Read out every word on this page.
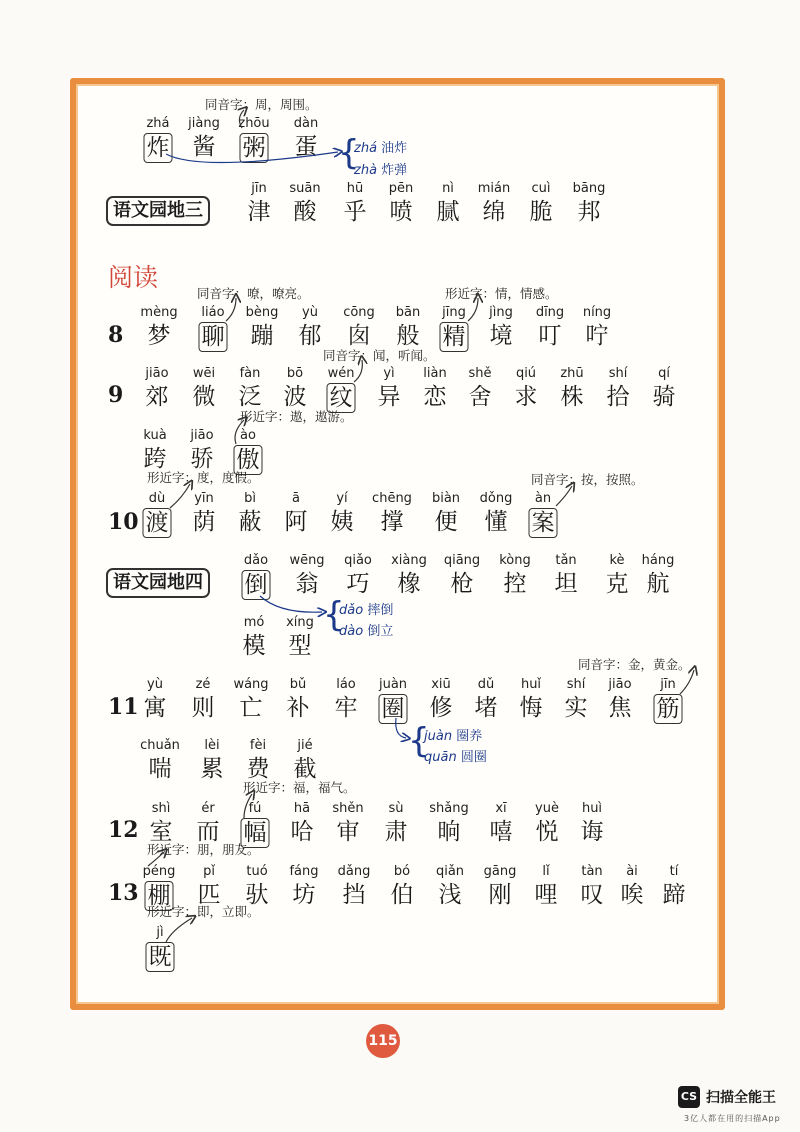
zhá
炸
jiàng
酱
zhōu
粥
dàn
蛋
jīn
津
suān
酸
hū
乎
pēn
喷
nì
腻
mián
绵
cuì
脆
bāng
邦
mèng
梦
liáo
聊
bèng
蹦
yù
郁
cōng
囱
bān
般
jīng
精
jìng
境
dīng
叮
níng
咛
jiāo
郊
wēi
微
fàn
泛
bō
波
wén
纹
yì
异
liàn
恋
shě
舍
qiú
求
zhū
株
shí
拾
qí
骑
kuà
跨
jiāo
骄
ào
傲
dù
渡
yīn
荫
bì
蔽
ā
阿
yí
姨
chēng
撑
biàn
便
dǒng
懂
àn
案
dǎo
倒
wēng
翁
qiǎo
巧
xiàng
橡
qiāng
枪
kòng
控
tǎn
坦
kè
克
háng
航
mó
模
xíng
型
yù
寓
zé
则
wáng
亡
bǔ
补
láo
牢
juàn
圈
xiū
修
dǔ
堵
huǐ
悔
shí
实
jiāo
焦
jīn
筋
chuǎn
喘
lèi
累
fèi
费
jié
截
shì
室
ér
而
fú
幅
hā
哈
shěn
审
sù
肃
shǎng
晌
xī
嘻
yuè
悦
huì
诲
péng
棚
pǐ
匹
tuó
驮
fáng
坊
dǎng
挡
bó
伯
qiǎn
浅
gāng
刚
lǐ
哩
tàn
叹
ài
唉
tí
蹄
jì
既
语文园地三
语文园地四
8
9
10
11
12
13
阅读
同音字：周，周围。
同音字：嘹，嘹亮。	形近字：情，情感。
同音字：闻，听闻。
形近字：遨，遨游。
形近字：度，度假。	同音字：按，按照。
同音字：金，黄金。
形近字：福，福气。
形近字：朋，朋友。
形近字：即，立即。
{
zhá 油炸
zhà 炸弹
{
dǎo 摔倒
dào 倒立
{
juàn 圈养
quān 圆圈
115
CS 扫描全能王
3亿人都在用的扫描App
